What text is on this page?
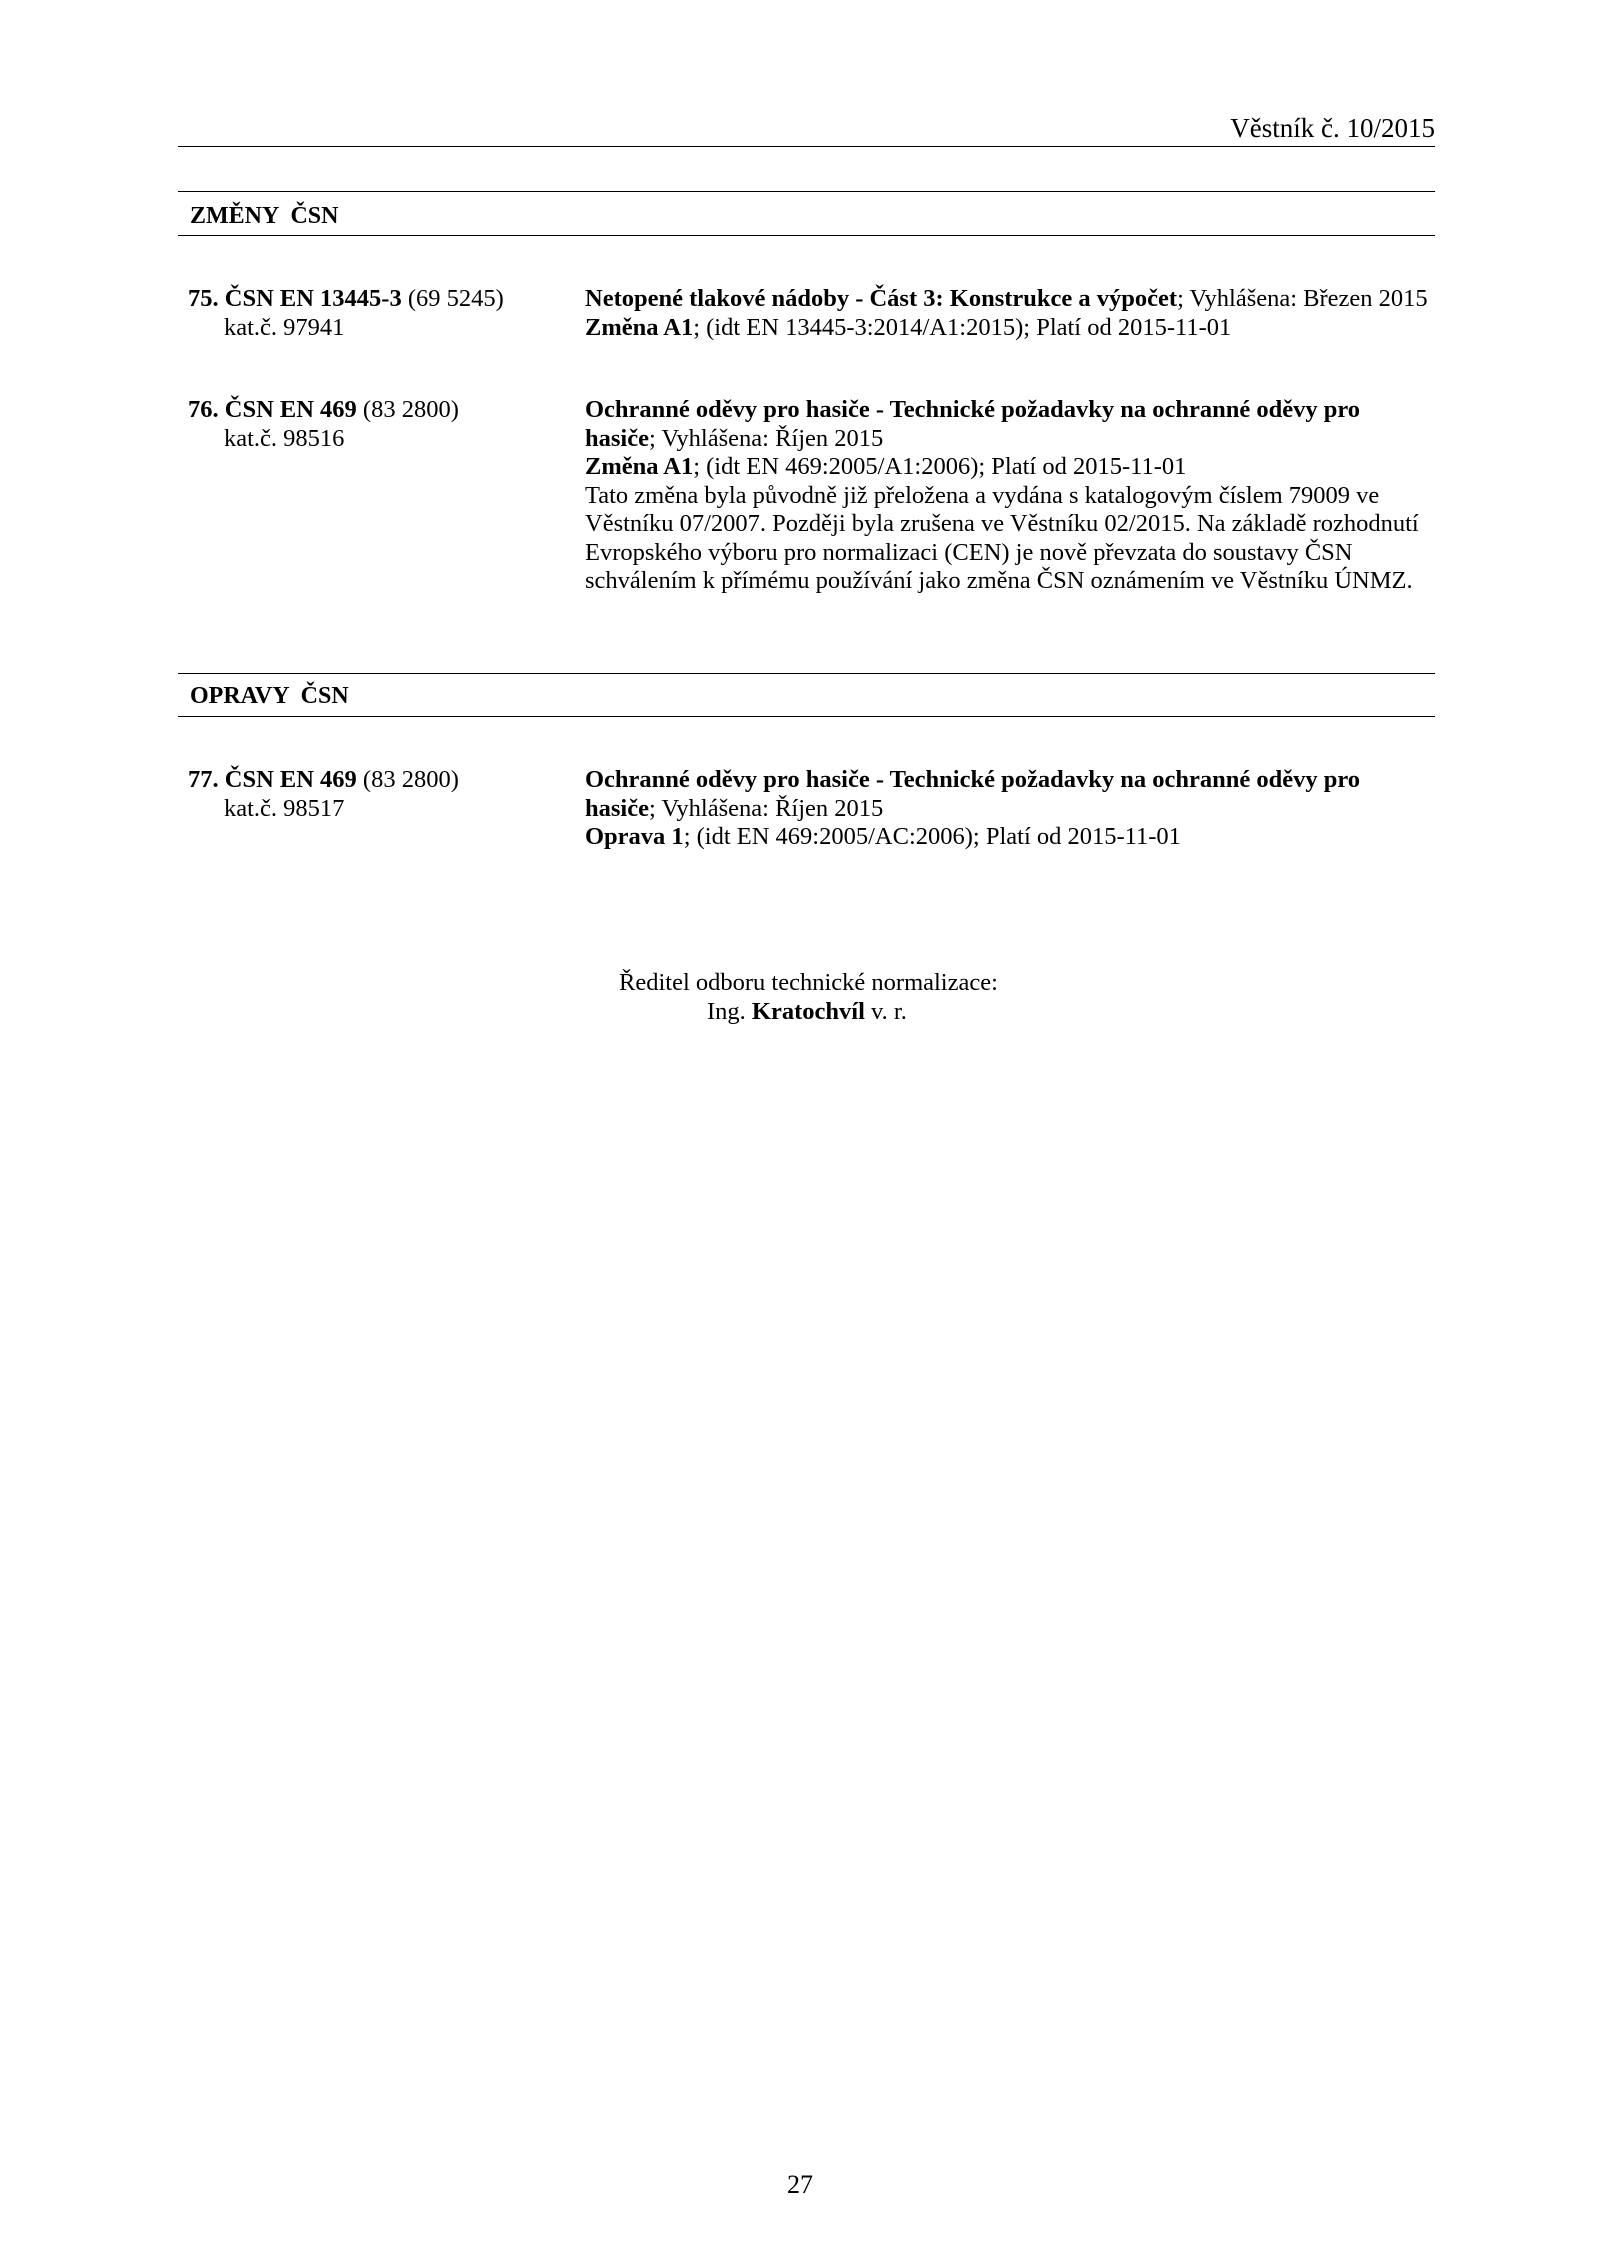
Věstník č. 10/2015
ZMĚNY ČSN
75. ČSN EN 13445-3 (69 5245)
kat.č. 97941
Netopené tlakové nádoby - Část 3: Konstrukce a výpočet; Vyhlášena: Březen 2015
Změna A1; (idt EN 13445-3:2014/A1:2015); Platí od 2015-11-01
76. ČSN EN 469 (83 2800)
kat.č. 98516
Ochranné oděvy pro hasiče - Technické požadavky na ochranné oděvy pro
hasiče; Vyhlášena: Říjen 2015
Změna A1; (idt EN 469:2005/A1:2006); Platí od 2015-11-01
Tato změna byla původně již přeložena a vydána s katalogovým číslem 79009 ve
Věstníku 07/2007. Později byla zrušena ve Věstníku 02/2015. Na základě rozhodnutí
Evropského výboru pro normalizaci (CEN) je nově převzata do soustavy ČSN
schválením k přímému používání jako změna ČSN oznámením ve Věstníku ÚNMZ.
OPRAVY ČSN
77. ČSN EN 469 (83 2800)
kat.č. 98517
Ochranné oděvy pro hasiče - Technické požadavky na ochranné oděvy pro
hasiče; Vyhlášena: Říjen 2015
Oprava 1; (idt EN 469:2005/AC:2006); Platí od 2015-11-01
Ředitel odboru technické normalizace:
Ing. Kratochvíl v. r.
27
